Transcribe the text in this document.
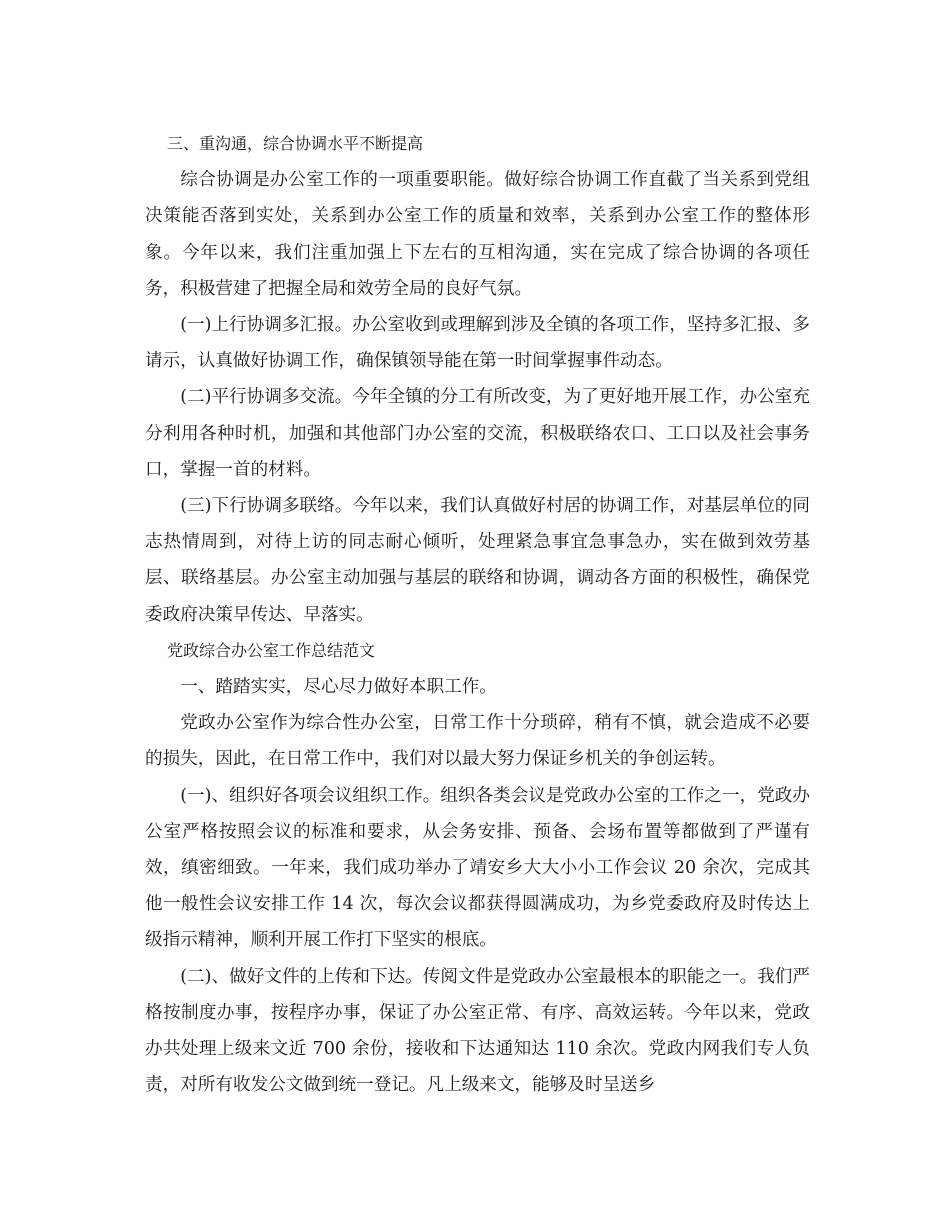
三、重沟通，综合协调水平不断提高

综合协调是办公室工作的一项重要职能。做好综合协调工作直截了当关系到党组决策能否落到实处，关系到办公室工作的质量和效率，关系到办公室工作的整体形象。今年以来，我们注重加强上下左右的互相沟通，实在完成了综合协调的各项任务，积极营建了把握全局和效劳全局的良好气氛。

(一)上行协调多汇报。办公室收到或理解到涉及全镇的各项工作，坚持多汇报、多请示，认真做好协调工作，确保镇领导能在第一时间掌握事件动态。

(二)平行协调多交流。今年全镇的分工有所改变，为了更好地开展工作，办公室充分利用各种时机，加强和其他部门办公室的交流，积极联络农口、工口以及社会事务口，掌握一首的材料。

(三)下行协调多联络。今年以来，我们认真做好村居的协调工作，对基层单位的同志热情周到，对待上访的同志耐心倾听，处理紧急事宜急事急办，实在做到效劳基层、联络基层。办公室主动加强与基层的联络和协调，调动各方面的积极性，确保党委政府决策早传达、早落实。

党政综合办公室工作总结范文

一、踏踏实实，尽心尽力做好本职工作。

党政办公室作为综合性办公室，日常工作十分琐碎，稍有不慎，就会造成不必要的损失，因此，在日常工作中，我们对以最大努力保证乡机关的争创运转。

(一)、组织好各项会议组织工作。组织各类会议是党政办公室的工作之一，党政办公室严格按照会议的标准和要求，从会务安排、预备、会场布置等都做到了严谨有效，缜密细致。一年来，我们成功举办了靖安乡大大小小工作会议 20 余次，完成其他一般性会议安排工作 14 次，每次会议都获得圆满成功，为乡党委政府及时传达上级指示精神，顺利开展工作打下坚实的根底。

(二)、做好文件的上传和下达。传阅文件是党政办公室最根本的职能之一。我们严格按制度办事，按程序办事，保证了办公室正常、有序、高效运转。今年以来，党政办共处理上级来文近 700 余份，接收和下达通知达 110 余次。党政内网我们专人负责，对所有收发公文做到统一登记。凡上级来文，能够及时呈送乡
